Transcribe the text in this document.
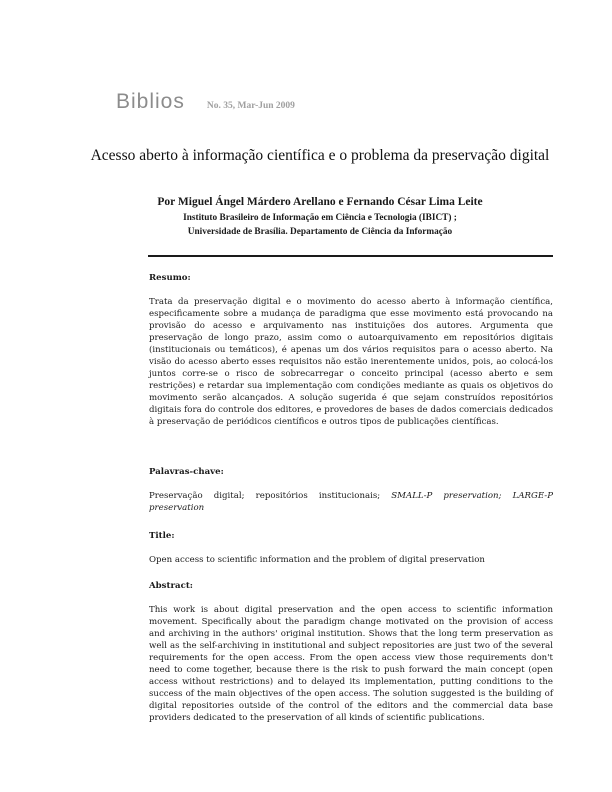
Biblios No. 35, Mar-Jun 2009
Acesso aberto à informação científica e o problema da preservação digital
Por Miguel Ángel Márdero Arellano e Fernando César Lima Leite
Instituto Brasileiro de Informação em Ciência e Tecnologia (IBICT) ;
Universidade de Brasília. Departamento de Ciência da Informação
Resumo:
Trata da preservação digital e o movimento do acesso aberto à informação científica, especificamente sobre a mudança de paradigma que esse movimento está provocando na provisão do acesso e arquivamento nas instituições dos autores. Argumenta que preservação de longo prazo, assim como o autoarquivamento em repositórios digitais (institucionais ou temáticos), é apenas um dos vários requisitos para o acesso aberto. Na visão do acesso aberto esses requisitos não estão inerentemente unidos, pois, ao colocá-los juntos corre-se o risco de sobrecarregar o conceito principal (acesso aberto e sem restrições) e retardar sua implementação com condições mediante as quais os objetivos do movimento serão alcançados. A solução sugerida é que sejam construídos repositórios digitais fora do controle dos editores, e provedores de bases de dados comerciais dedicados à preservação de periódicos científicos e outros tipos de publicações científicas.
Palavras-chave:
Preservação digital; repositórios institucionais; SMALL-P preservation; LARGE-P preservation
Title:
Open access to scientific information and the problem of digital preservation
Abstract:
This work is about digital preservation and the open access to scientific information movement. Specifically about the paradigm change motivated on the provision of access and archiving in the authors' original institution. Shows that the long term preservation as well as the self-archiving in institutional and subject repositories are just two of the several requirements for the open access. From the open access view those requirements don't need to come together, because there is the risk to push forward the main concept (open access without restrictions) and to delayed its implementation, putting conditions to the success of the main objectives of the open access. The solution suggested is the building of digital repositories outside of the control of the editors and the commercial data base providers dedicated to the preservation of all kinds of scientific publications.
